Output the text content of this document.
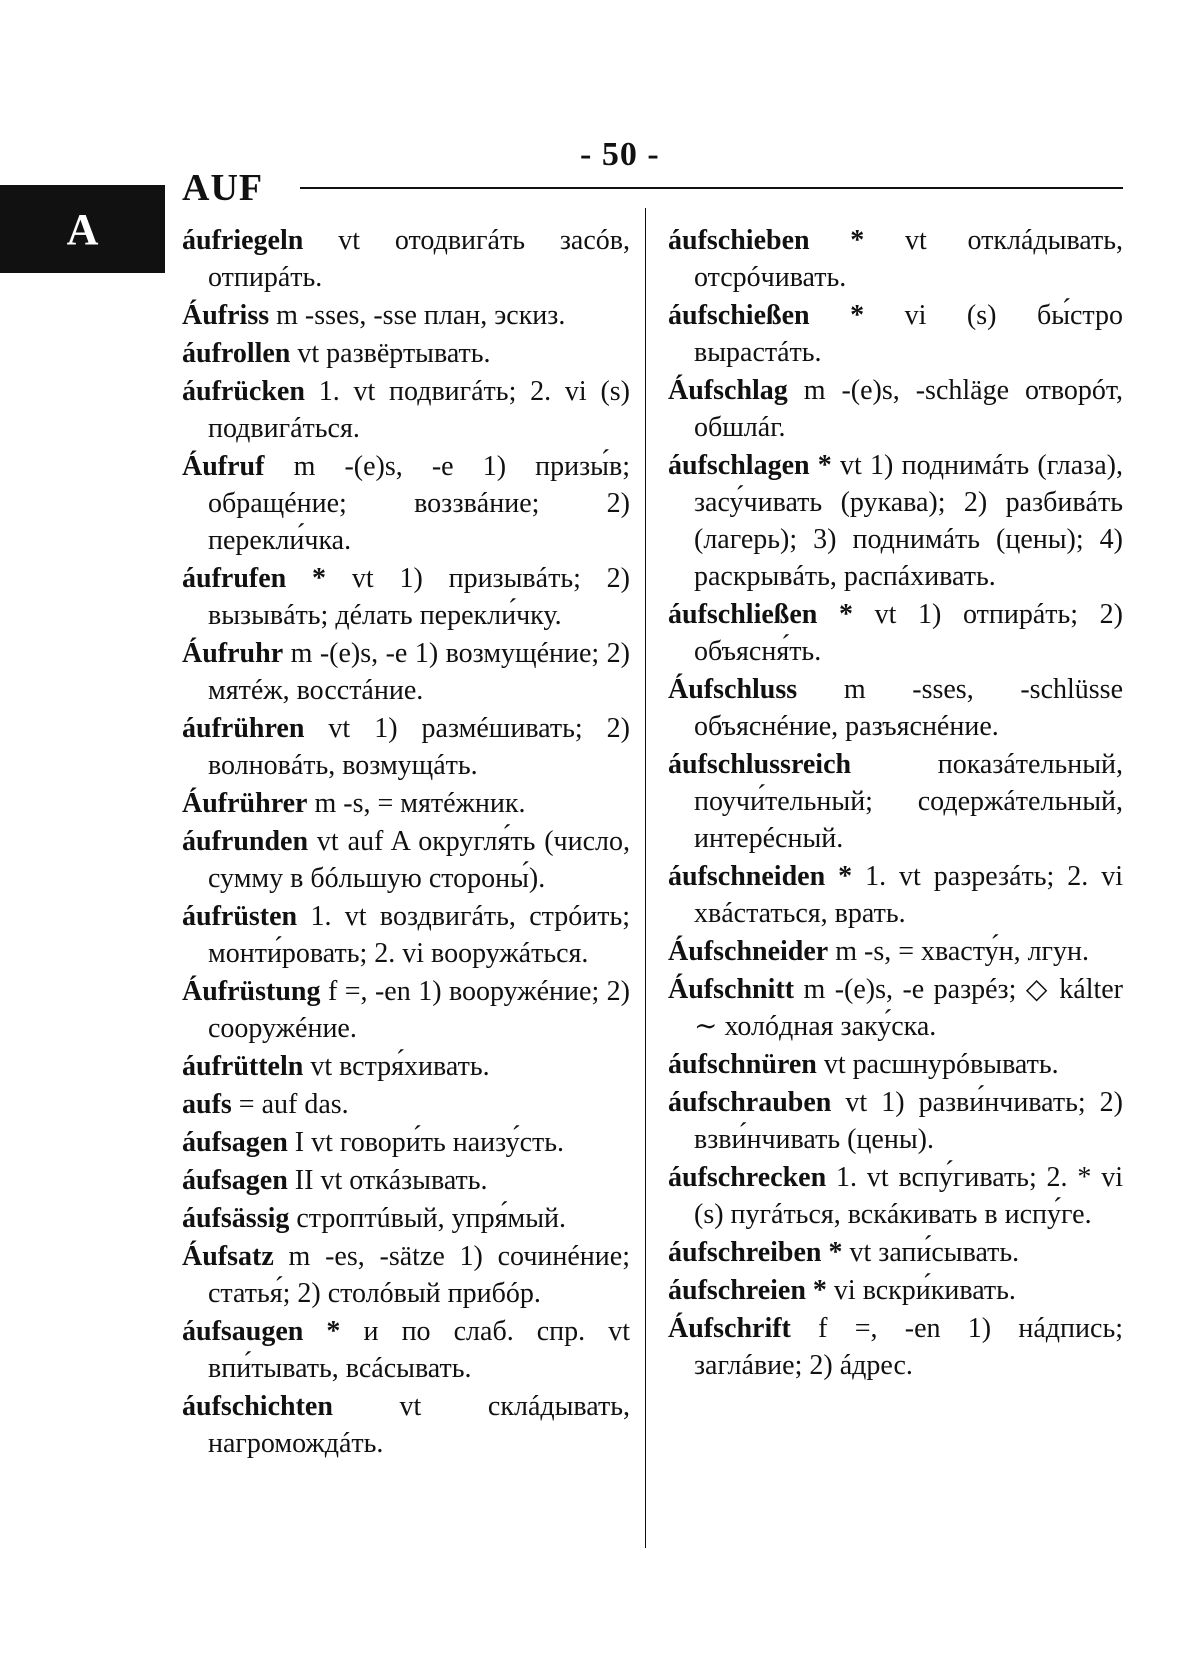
A
AUF
- 50 -

áufriegeln vt отодвигáть засóв, отпирáть.

Áufriss m -sses, -sse план, эскиз.

áufrollen vt развёртывать.

áufrücken 1. vt подвигáть; 2. vi (s) подвигáться.

Áufruf m -(e)s, -e 1) призы́в; обращéние; воззвáние; 2) перекли́чка.

áufrufen * vt 1) призывáть; 2) вызывáть; дéлать перекли́чку.

Áufruhr m -(e)s, -e 1) возмущéние; 2) мятéж, восстáние.

áufrühren vt 1) размéшивать; 2) волновáть, возмущáть.

Áufrührer m -s, = мятéжник.

áufrunden vt auf A округля́ть (число, сумму в бóльшую стороны́).

áufrüsten 1. vt воздвигáть, стрóить; монти́ровать; 2. vi вооружáться.

Áufrüstung f =, -en 1) вооружéние; 2) сооружéние.

áufrütteln vt встря́хивать.

aufs = auf das.

áufsagen I vt говори́ть наизу́сть.

áufsagen II vt откáзывать.

áufsässig строптúвый, упря́мый.

Áufsatz m -es, -sätze 1) сочинéние; статья́; 2) столóвый прибóр.

áufsaugen * и по слаб. спр. vt впи́тывать, всáсывать.

áufschichten vt склáдывать, нагромождáть.

áufschieben * vt отклáдывать, отсрóчивать.

áufschießen * vi (s) бы́стро вырастáть.

Áufschlag m -(e)s, -schläge отворóт, обшлáг.

áufschlagen * vt 1) поднимáть (глаза), засу́чивать (рукава); 2) разбивáть (лагерь); 3) поднимáть (цены); 4) раскрывáть, распáхивать.

áufschließen * vt 1) отпирáть; 2) объясня́ть.

Áufschluss m -sses, -schlüsse объяснéние, разъяснéние.

áufschlussreich	показáтельный, поучи́тельный; содержáтельный, интерéсный.

áufschneiden * 1. vt разрезáть; 2. vi хвáстаться, врать.

Áufschneider m -s, = хвасту́н, лгун.

Áufschnitt m -(e)s, -e разрéз; ◇ kálter ∼ холóдная заку́ска.

áufschnüren vt расшнурóвывать.

áufschrauben vt 1) разви́нчивать; 2) взви́нчивать (цены).

áufschrecken 1. vt вспу́гивать; 2. * vi (s) пугáться, вскáкивать в испу́ге.

áufschreiben * vt запи́сывать.

áufschreien * vi вскри́кивать.

Áufschrift f =, -en 1) нáдпись; заглáвие; 2) áдрес.
